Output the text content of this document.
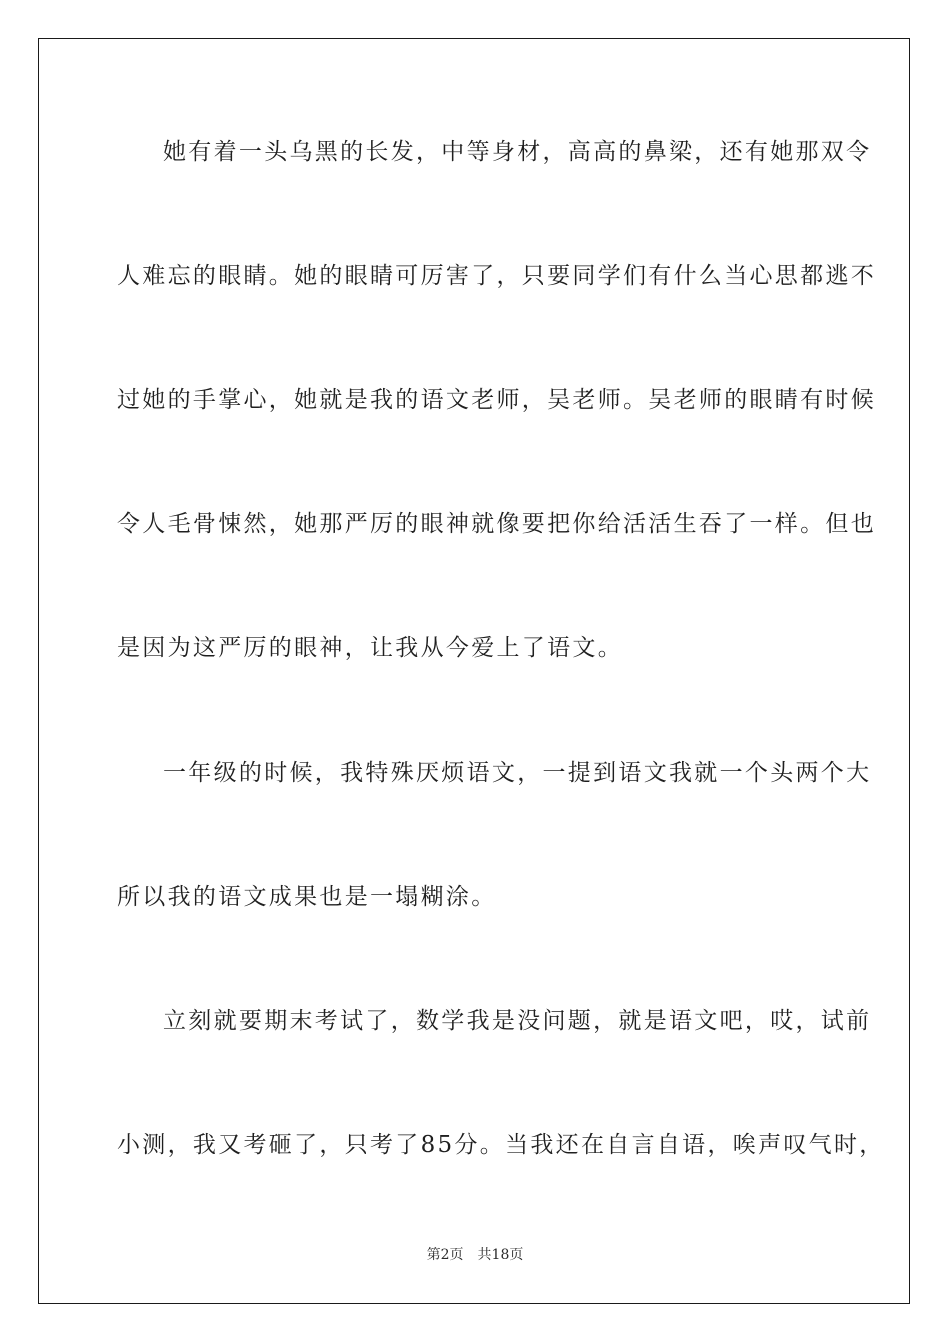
她有着一头乌黑的长发，中等身材，高高的鼻梁，还有她那双令
人难忘的眼睛。她的眼睛可厉害了，只要同学们有什么当心思都逃不
过她的手掌心，她就是我的语文老师，吴老师。吴老师的眼睛有时候
令人毛骨悚然，她那严厉的眼神就像要把你给活活生吞了一样。但也
是因为这严厉的眼神，让我从今爱上了语文。
一年级的时候，我特殊厌烦语文，一提到语文我就一个头两个大
所以我的语文成果也是一塌糊涂。
立刻就要期末考试了，数学我是没问题，就是语文吧，哎，试前
小测，我又考砸了，只考了85分。当我还在自言自语，唉声叹气时，
第2页 共18页
